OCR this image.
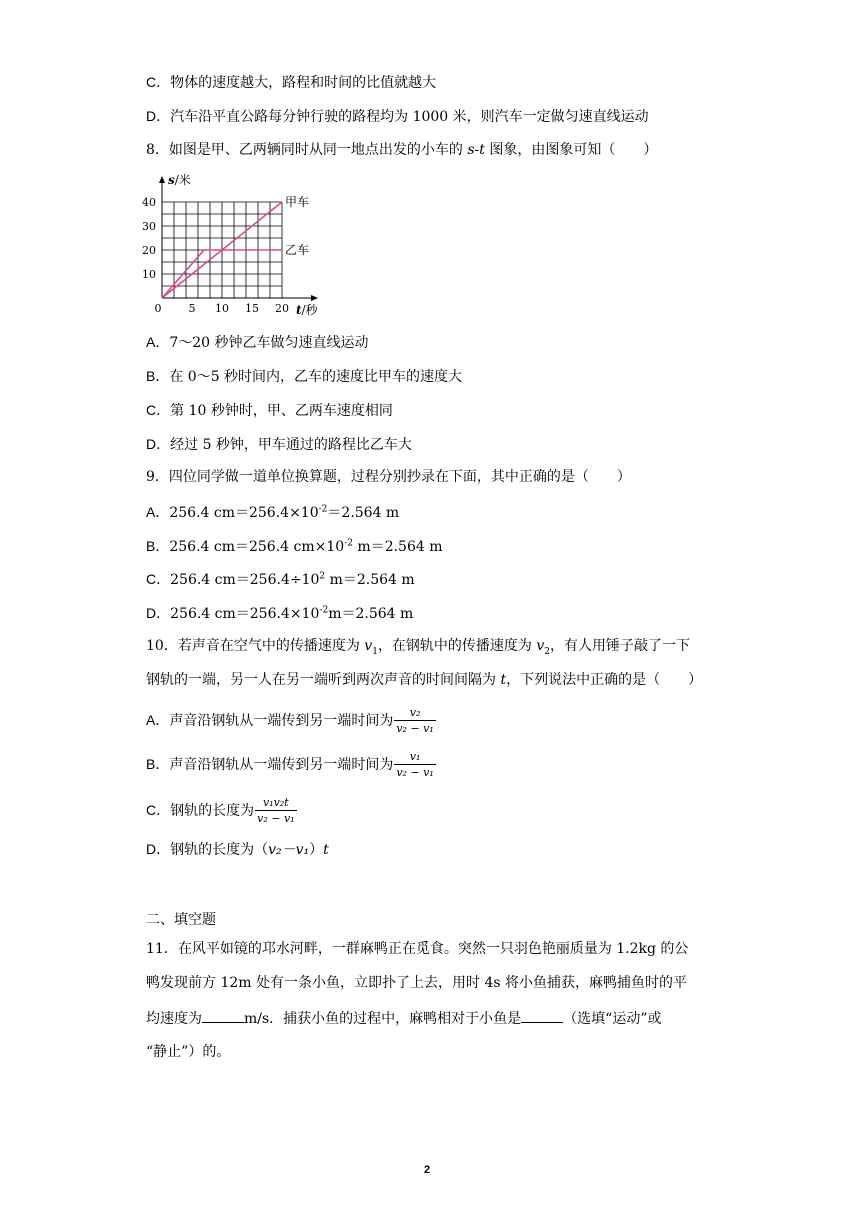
C．物体的速度越大，路程和时间的比值就越大
D．汽车沿平直公路每分钟行驶的路程均为 1000 米，则汽车一定做匀速直线运动
8．如图是甲、乙两辆同时从同一地点出发的小车的 s-t 图象，由图象可知（　　）
甲车
乙车
0 5 10 15 20
10
20
30
40
s/米
t/秒
A．7～20 秒钟乙车做匀速直线运动
B．在 0～5 秒时间内，乙车的速度比甲车的速度大
C．第 10 秒钟时，甲、乙两车速度相同
D．经过 5 秒钟，甲车通过的路程比乙车大
9．四位同学做一道单位换算题，过程分别抄录在下面，其中正确的是（　　）
A．256.4 $cm=256.4\times 10^{-2}=2.564$ m
B．256.4 cm＝256.4 $cm\times 10^{-2}$ m＝2.564 m
C．256.4 $cm=256.4\div 10^2$ m＝2.564 m
D．256.4 $cm=256.4\times 10^{-2}m=2.564$ m
10．若声音在空气中的传播速度为 $v_1$，在钢轨中的传播速度为 $v_2$，有人用锤子敲了一下
钢轨的一端，另一人在另一端听到两次声音的时间间隔为 t，下列说法中正确的是（　　）
A．声音沿钢轨从一端传到另一端时间为 $\frac{\text{v₂}}{\text{v₂ − v₁}}$
B．声音沿钢轨从一端传到另一端时间为 $\frac{\text{v₁}}{\text{v₂ − v₁}}$
C．钢轨的长度为 $\frac{\text{v₁v₂t}}{\text{v₂ − v₁}}$
D．钢轨的长度为（v₂－v₁）t
二、填空题
11．在风平如镜的邛水河畔，一群麻鸭正在觅食。突然一只羽色艳丽质量为 1.2kg 的公
鸭发现前方 12m 处有一条小鱼，立即扑了上去，用时 4s 将小鱼捕获，麻鸭捕鱼时的平
均速度为	m/s．捕获小鱼的过程中，麻鸭相对于小鱼是	（选填“运动”或
“静止”）的。
2
